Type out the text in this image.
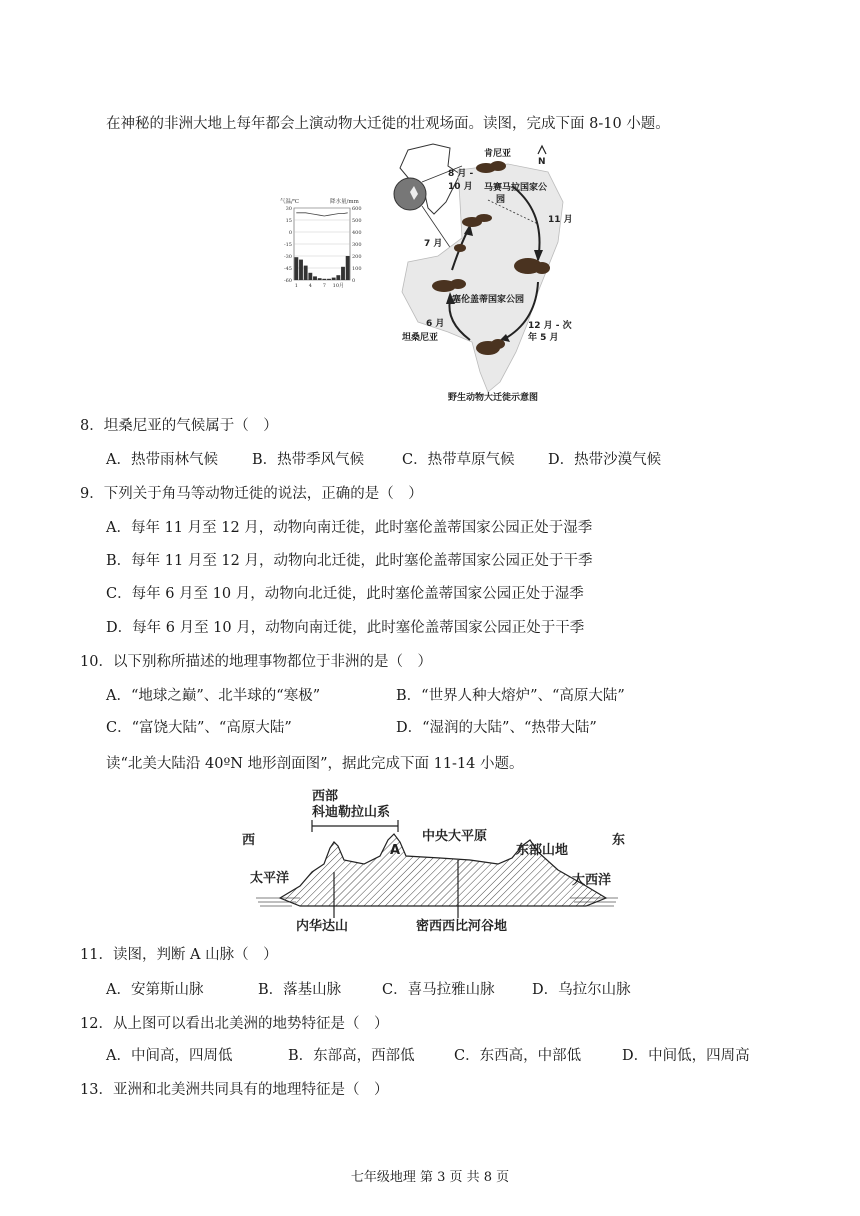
在神秘的非洲大地上每年都会上演动物大迁徙的壮观场面。读图，完成下面 8-10 小题。
气温/℃	降水量/mm
30	600
15	500
0	400
-15	300
-30	200
-45	100
-60	0
1 4 7 10月
N
肯尼亚
8 月 -
10 月 马赛马拉国家公
园
11 月
7 月
塞伦盖蒂国家公园
6 月
坦桑尼亚
12 月 - 次
年 5 月
野生动物大迁徙示意图
8．坦桑尼亚的气候属于（　）
A．热带雨林气候 B．热带季风气候	C．热带草原气候 D．热带沙漠气候
9．下列关于角马等动物迁徙的说法，正确的是（　）
A．每年 11 月至 12 月，动物向南迁徙，此时塞伦盖蒂国家公园正处于湿季
B．每年 11 月至 12 月，动物向北迁徙，此时塞伦盖蒂国家公园正处于干季
C．每年 6 月至 10 月，动物向北迁徙，此时塞伦盖蒂国家公园正处于湿季
D．每年 6 月至 10 月，动物向南迁徙，此时塞伦盖蒂国家公园正处于干季
10．以下别称所描述的地理事物都位于非洲的是（　）
A．“地球之巅”、北半球的“寒极”	B．“世界人种大熔炉”、“高原大陆”
C．“富饶大陆”、“高原大陆”	D．“湿润的大陆”、“热带大陆”
读“北美大陆沿 40ºN 地形剖面图”，据此完成下面 11-14 小题。
西部
科迪勒拉山系
西	东
A
中央大平原
东部山地
太平洋	大西洋
内华达山	密西西比河谷地
11．读图，判断 A 山脉（　）
A．安第斯山脉	B．落基山脉	C．喜马拉雅山脉	D．乌拉尔山脉
12．从上图可以看出北美洲的地势特征是（　）
A．中间高，四周低	B．东部高，西部低	C．东西高，中部低	D．中间低，四周高
13．亚洲和北美洲共同具有的地理特征是（　）
七年级地理 第 3 页 共 8 页
